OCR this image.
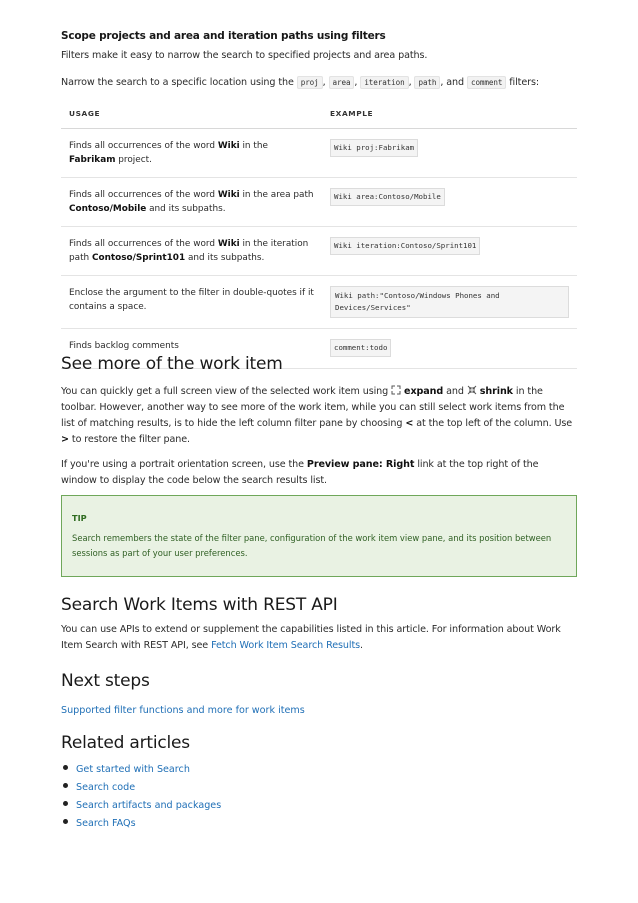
Scope projects and area and iteration paths using filters
Filters make it easy to narrow the search to specified projects and area paths.
Narrow the search to a specific location using the proj , area , iteration , path , and comment filters:
USAGE	EXAMPLE
Finds all occurrences of the word Wiki in the Fabrikam project.	Wiki proj:Fabrikam
Finds all occurrences of the word Wiki in the area path Contoso/Mobile and its subpaths.	Wiki area:Contoso/Mobile
Finds all occurrences of the word Wiki in the iteration path Contoso/Sprint101 and its subpaths.	Wiki iteration:Contoso/Sprint101
Enclose the argument to the filter in double-quotes if it contains a space.	Wiki path:"Contoso/Windows Phones and Devices/Services"

Finds backlog comments	comment:todo
See more of the work item
You can quickly get a full screen view of the selected work item using expand and shrink in the toolbar. However, another way to see more of the work item, while you can still select work items from the list of matching results, is to hide the left column filter pane by choosing < at the top left of the column. Use > to restore the filter pane.
If you're using a portrait orientation screen, use the Preview pane: Right link at the top right of the window to display the code below the search results list.
TIP
Search remembers the state of the filter pane, configuration of the work item view pane, and its position between sessions as part of your user preferences.
Search Work Items with REST API
You can use APIs to extend or supplement the capabilities listed in this article. For information about Work Item Search with REST API, see Fetch Work Item Search Results.
Next steps
Supported filter functions and more for work items
Related articles
Get started with Search
Search code
Search artifacts and packages
Search FAQs
